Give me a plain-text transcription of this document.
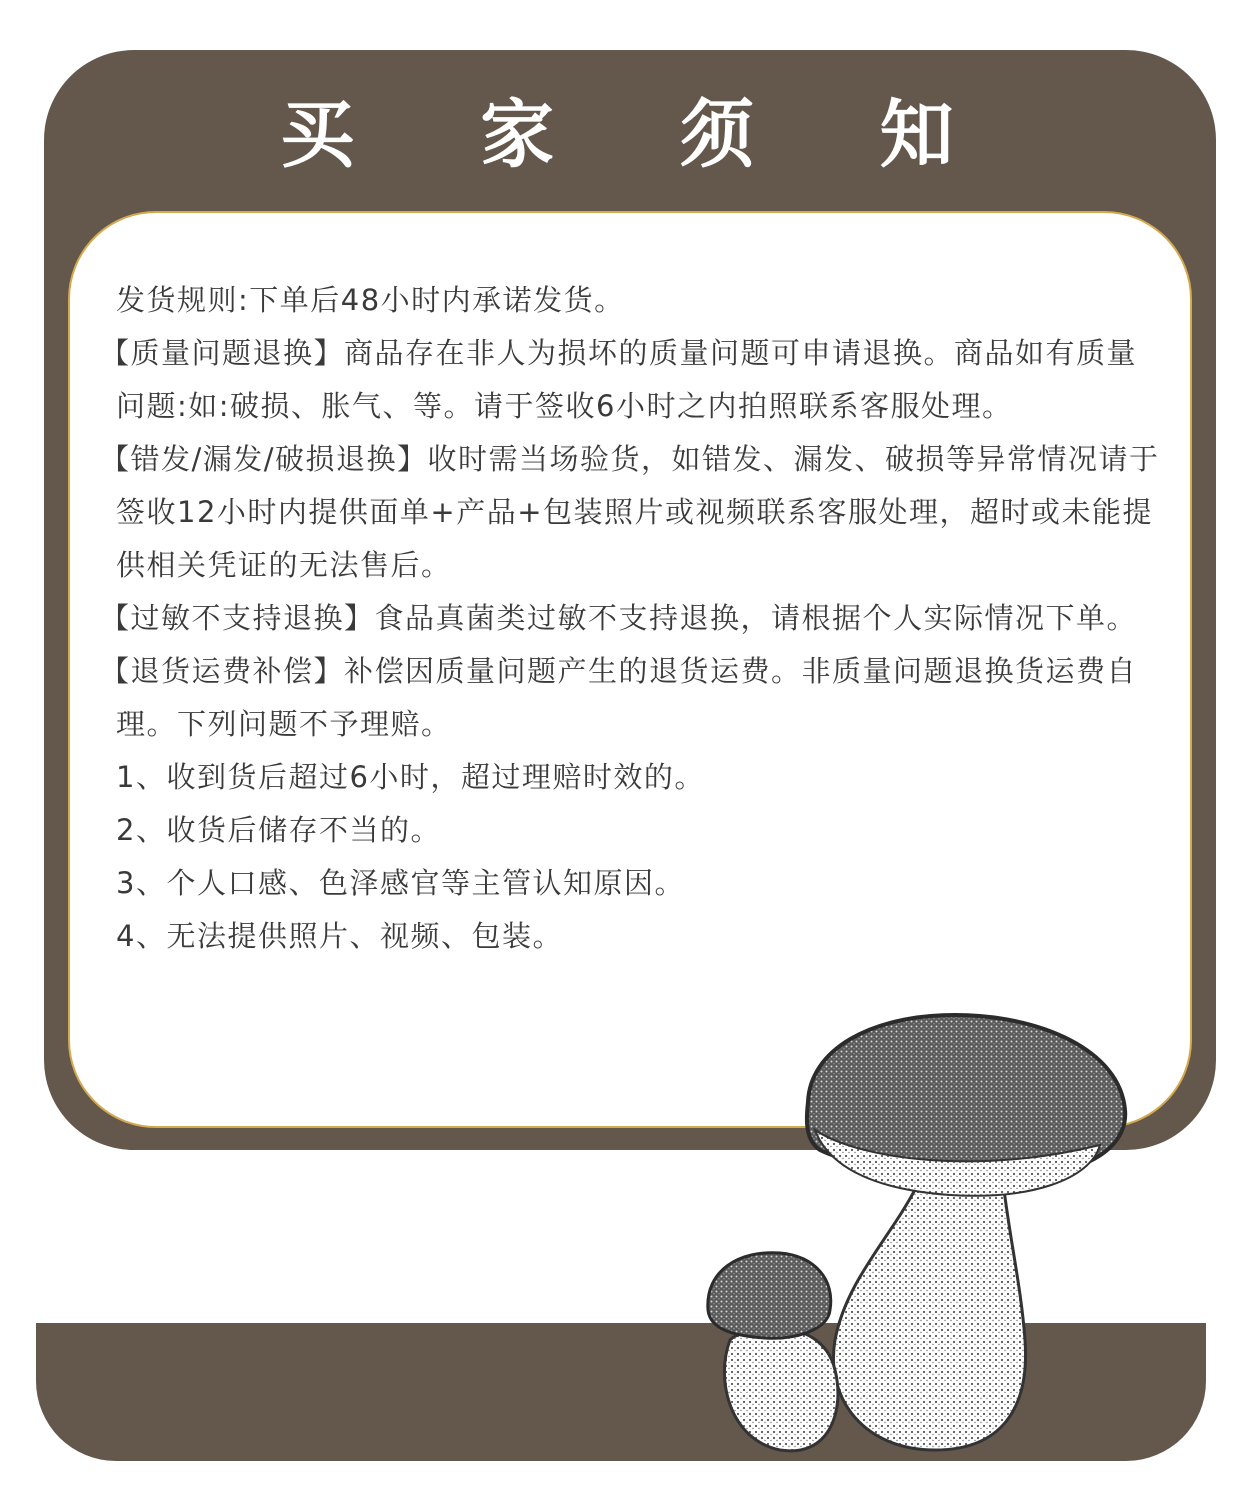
买 家 须 知

发货规则:下单后48小时内承诺发货。

【质量问题退换】商品存在非人为损坏的质量问题可申请退换。商品如有质量问题:如:破损、胀气、等。请于签收6小时之内拍照联系客服处理。

【错发/漏发/破损退换】收时需当场验货，如错发、漏发、破损等异常情况请于签收12小时内提供面单+产品+包装照片或视频联系客服处理，超时或未能提供相关凭证的无法售后。

【过敏不支持退换】食品真菌类过敏不支持退换，请根据个人实际情况下单。

【退货运费补偿】补偿因质量问题产生的退货运费。非质量问题退换货运费自理。下列问题不予理赔。

1、收到货后超过6小时，超过理赔时效的。

2、收货后储存不当的。

3、个人口感、色泽感官等主管认知原因。

4、无法提供照片、视频、包装。
